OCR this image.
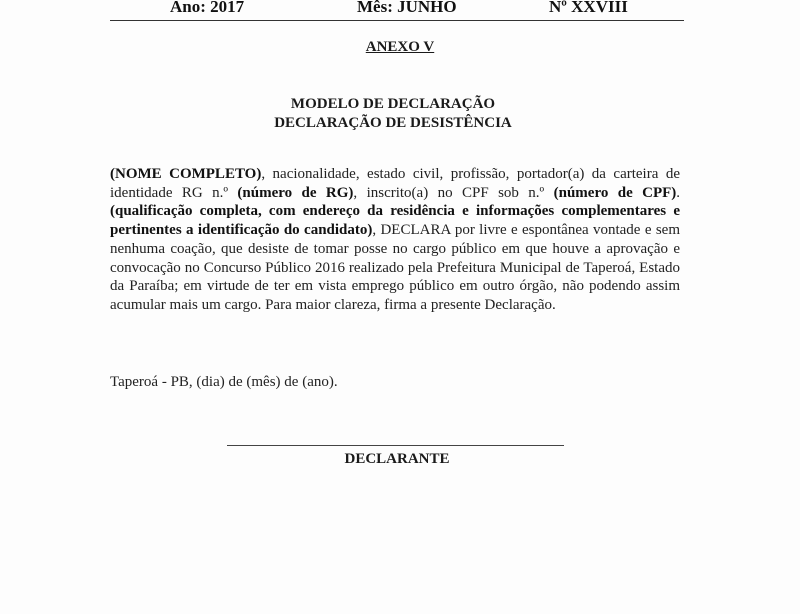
Ano: 2017	Mês: JUNHO	Nº XXVIII
ANEXO V
MODELO DE DECLARAÇÃO
DECLARAÇÃO DE DESISTÊNCIA
(NOME COMPLETO), nacionalidade, estado civil, profissão, portador(a) da carteira de identidade RG n.º (número de RG), inscrito(a) no CPF sob n.º (número de CPF). (qualificação completa, com endereço da residência e informações complementares e pertinentes a identificação do candidato), DECLARA por livre e espontânea vontade e sem nenhuma coação, que desiste de tomar posse no cargo público em que houve a aprovação e convocação no Concurso Público 2016 realizado pela Prefeitura Municipal de Taperoá, Estado da Paraíba; em virtude de ter em vista emprego público em outro órgão, não podendo assim acumular mais um cargo. Para maior clareza, firma a presente Declaração.
Taperoá - PB, (dia) de (mês) de (ano).
DECLARANTE
